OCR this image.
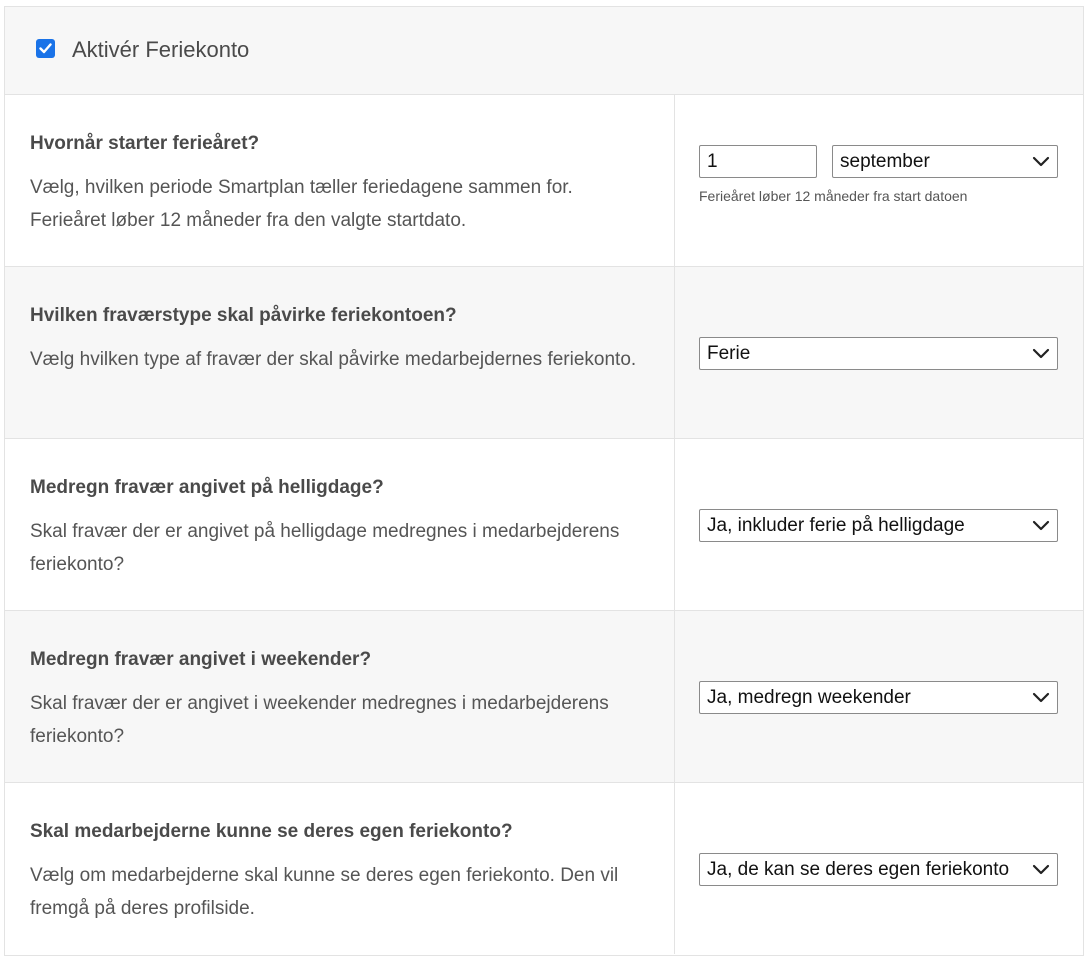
Aktivér Feriekonto

Hvornår starter ferieåret?

Vælg, hvilken periode Smartplan tæller feriedagene sammen for. Ferieåret løber 12 måneder fra den valgte startdato.

1	september
Ferieåret løber 12 måneder fra start datoen

Hvilken fraværstype skal påvirke feriekontoen?

Vælg hvilken type af fravær der skal påvirke medarbejdernes feriekonto.	Ferie

Medregn fravær angivet på helligdage?

Skal fravær der er angivet på helligdage medregnes i medarbejderens feriekonto?

Ja, inkluder ferie på helligdage

Medregn fravær angivet i weekender?

Skal fravær der er angivet i weekender medregnes i medarbejderens feriekonto?

Ja, medregn weekender

Skal medarbejderne kunne se deres egen feriekonto?

Vælg om medarbejderne skal kunne se deres egen feriekonto. Den vil fremgå på deres profilside.

Ja, de kan se deres egen feriekonto
